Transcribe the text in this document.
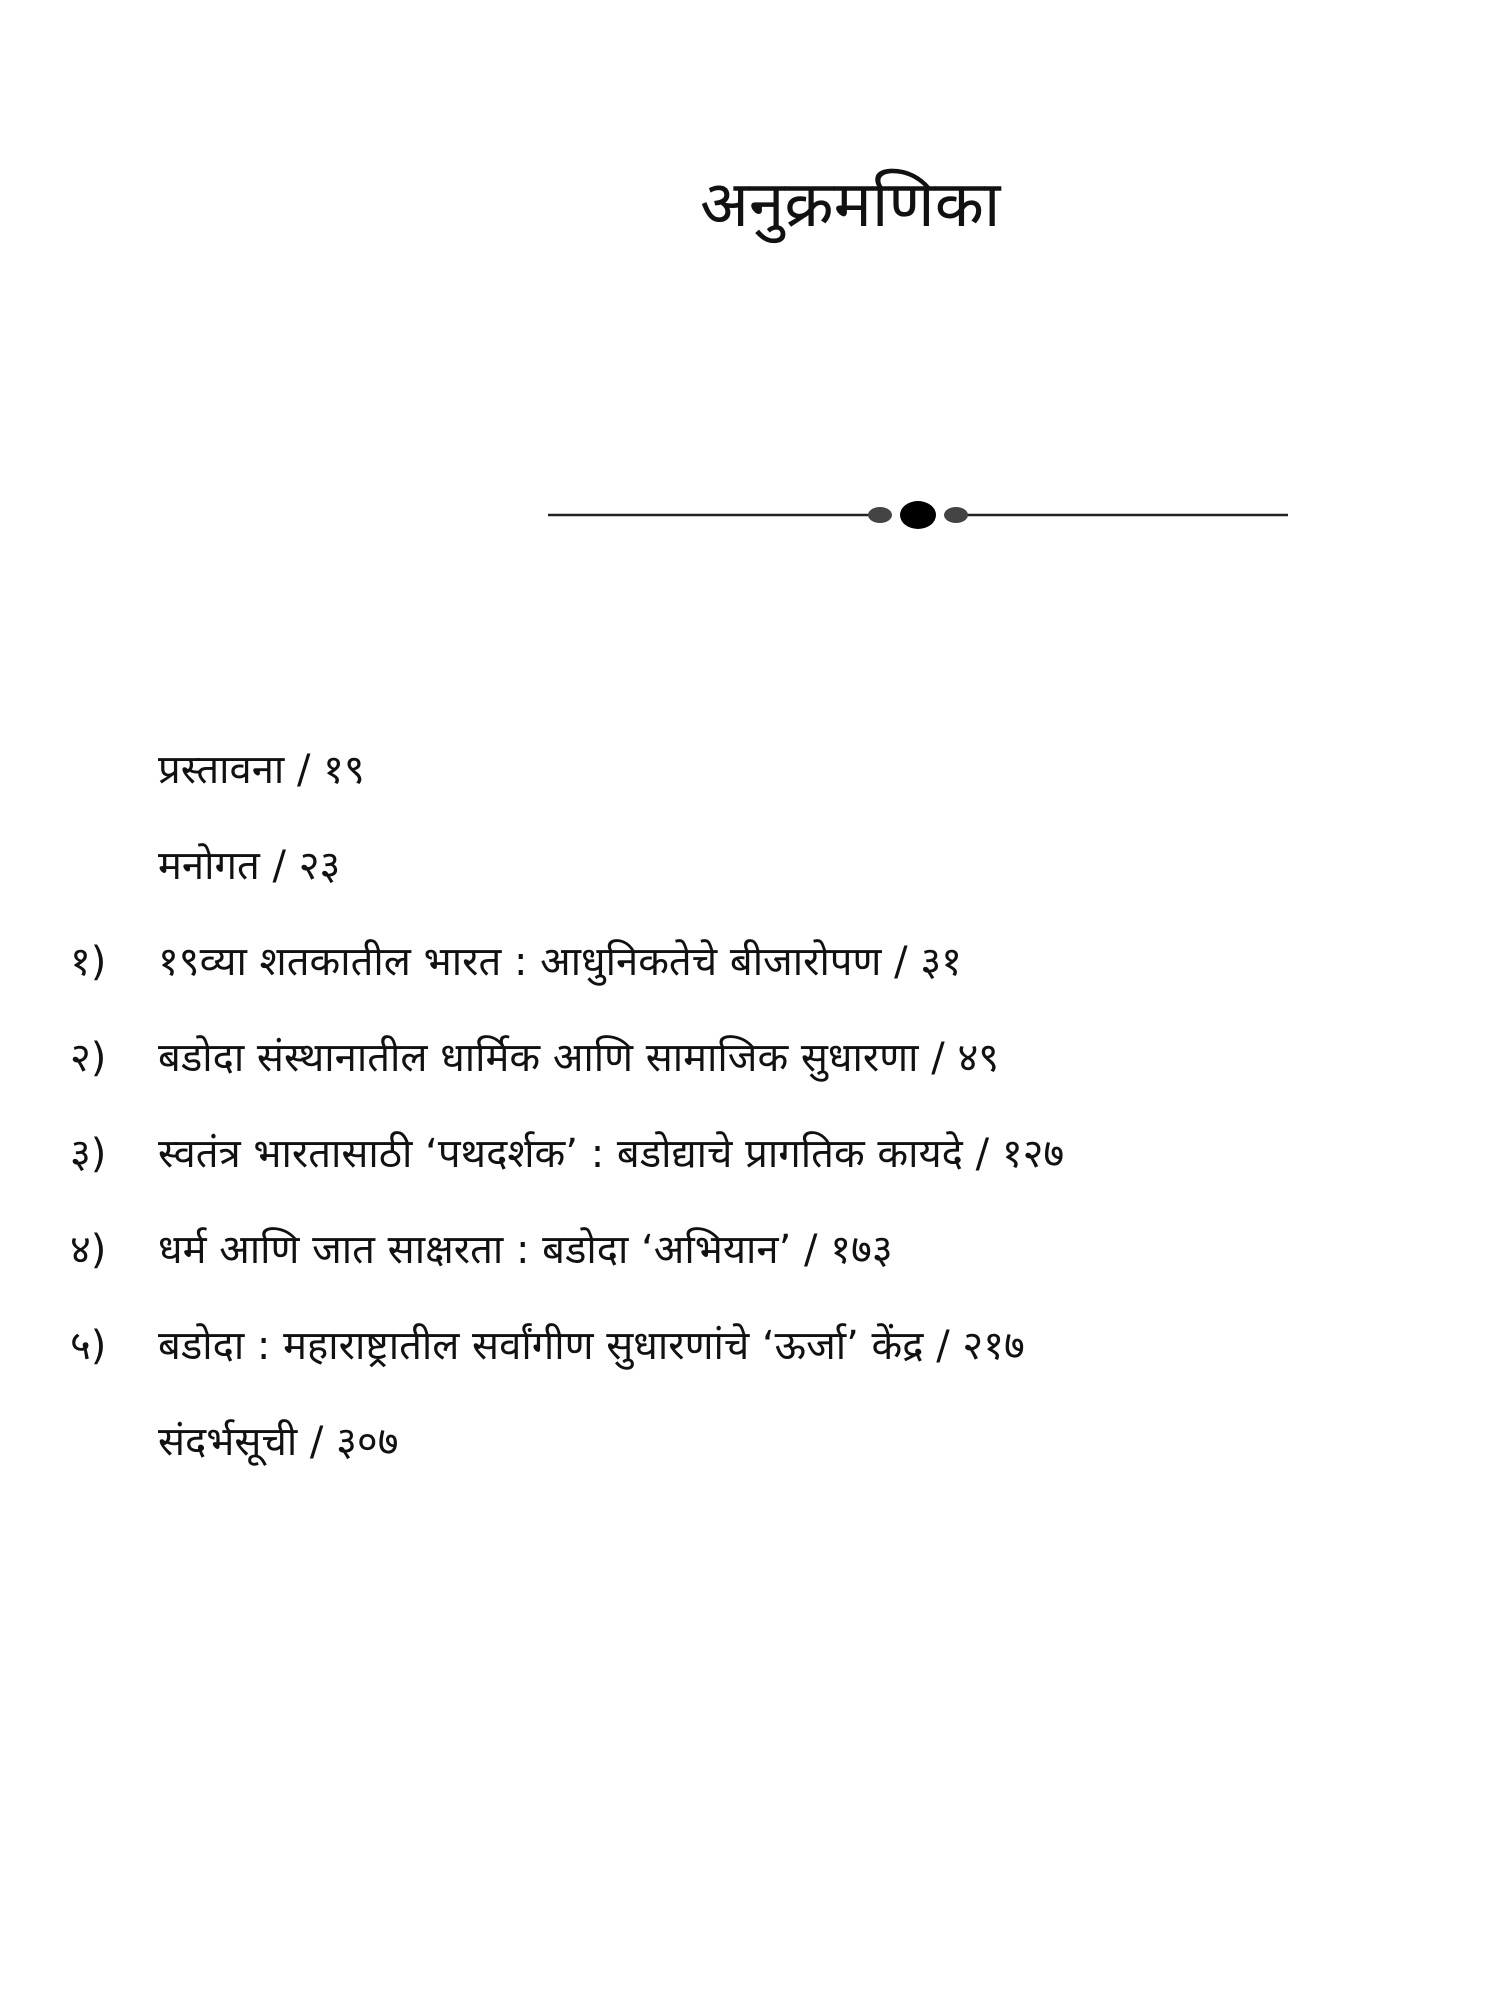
अनुक्रमणिका
प्रस्तावना / १९
मनोगत / २३
१) १९व्या शतकातील भारत : आधुनिकतेचे बीजारोपण / ३१
२) बडोदा संस्थानातील धार्मिक आणि सामाजिक सुधारणा / ४९
३) स्वतंत्र भारतासाठी ‘पथदर्शक’ : बडोद्याचे प्रागतिक कायदे / १२७
४) धर्म आणि जात साक्षरता : बडोदा ‘अभियान’ / १७३
५) बडोदा : महाराष्ट्रातील सर्वांगीण सुधारणांचे ‘ऊर्जा’ केंद्र / २१७
संदर्भसूची / ३०७
